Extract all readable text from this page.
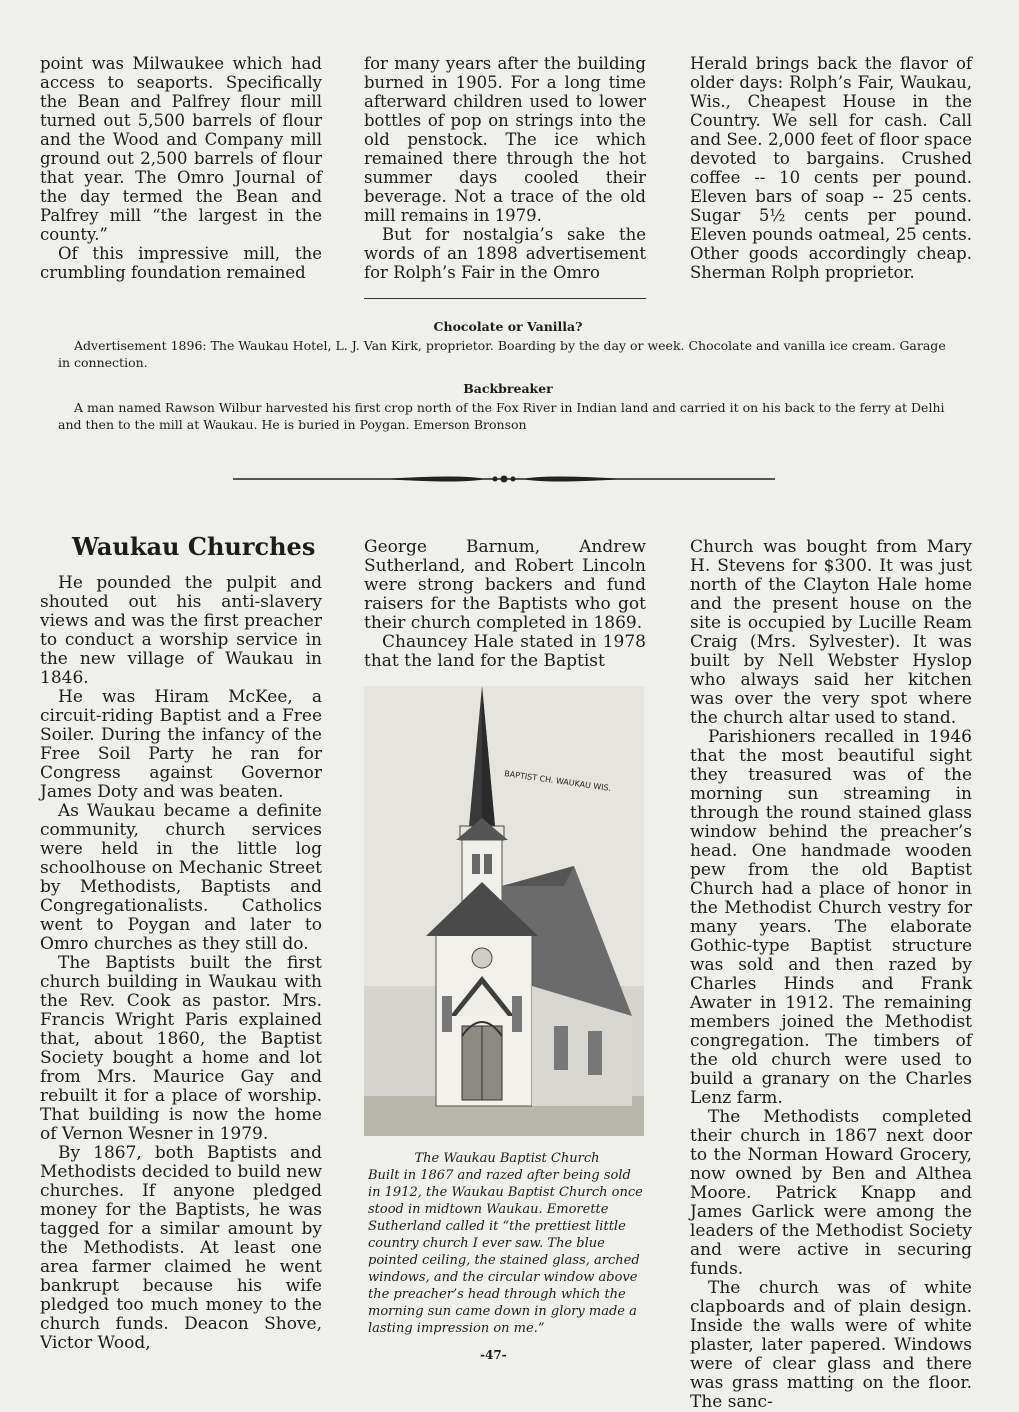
point was Milwaukee which had access to seaports. Specifically the Bean and Palfrey flour mill turned out 5,500 barrels of flour and the Wood and Company mill ground out 2,500 barrels of flour that year. The Omro Journal of the day termed the Bean and Palfrey mill “the largest in the county.”

Of this impressive mill, the crumbling foundation remained

for many years after the building burned in 1905. For a long time afterward children used to lower bottles of pop on strings into the old penstock. The ice which remained there through the hot summer days cooled their beverage. Not a trace of the old mill remains in 1979.

But for nostalgia’s sake the words of an 1898 advertisement for Rolph’s Fair in the Omro

Herald brings back the flavor of older days: Rolph’s Fair, Waukau, Wis., Cheapest House in the Country. We sell for cash. Call and See. 2,000 feet of floor space devoted to bargains. Crushed coffee -- 10 cents per pound. Eleven bars of soap -- 25 cents. Sugar 5½ cents per pound. Eleven pounds oatmeal, 25 cents. Other goods accordingly cheap. Sherman Rolph proprietor.

Chocolate or Vanilla?

Advertisement 1896: The Waukau Hotel, L. J. Van Kirk, proprietor. Boarding by the day or week. Chocolate and vanilla ice cream. Garage in connection.

Backbreaker

A man named Rawson Wilbur harvested his first crop north of the Fox River in Indian land and carried it on his back to the ferry at Delhi and then to the mill at Waukau. He is buried in Poygan. Emerson Bronson

Waukau Churches

He pounded the pulpit and shouted out his anti-slavery views and was the first preacher to conduct a worship service in the new village of Waukau in 1846.

He was Hiram McKee, a circuit-riding Baptist and a Free Soiler. During the infancy of the Free Soil Party he ran for Congress against Governor James Doty and was beaten.

As Waukau became a definite community, church services were held in the little log schoolhouse on Mechanic Street by Methodists, Baptists and Congregationalists. Catholics went to Poygan and later to Omro churches as they still do.

The Baptists built the first church building in Waukau with the Rev. Cook as pastor. Mrs. Francis Wright Paris explained that, about 1860, the Baptist Society bought a home and lot from Mrs. Maurice Gay and rebuilt it for a place of worship. That building is now the home of Vernon Wesner in 1979.

By 1867, both Baptists and Methodists decided to build new churches. If anyone pledged money for the Baptists, he was tagged for a similar amount by the Methodists. At least one area farmer claimed he went bankrupt because his wife pledged too much money to the church funds. Deacon Shove, Victor Wood,

George Barnum, Andrew Sutherland, and Robert Lincoln were strong backers and fund raisers for the Baptists who got their church completed in 1869.

Chauncey Hale stated in 1978 that the land for the Baptist

BAPTIST CH. WAUKAU WIS.
The Waukau Baptist Church
Built in 1867 and razed after being sold in 1912, the Waukau Baptist Church once stood in midtown Waukau. Emorette Sutherland called it “the prettiest little country church I ever saw. The blue pointed ceiling, the stained glass, arched windows, and the circular window above the preacher’s head through which the morning sun came down in glory made a lasting impression on me.”

Church was bought from Mary H. Stevens for $300. It was just north of the Clayton Hale home and the present house on the site is occupied by Lucille Ream Craig (Mrs. Sylvester). It was built by Nell Webster Hyslop who always said her kitchen was over the very spot where the church altar used to stand.

Parishioners recalled in 1946 that the most beautiful sight they treasured was of the morning sun streaming in through the round stained glass window behind the preacher’s head. One handmade wooden pew from the old Baptist Church had a place of honor in the Methodist Church vestry for many years. The elaborate Gothic-type Baptist structure was sold and then razed by Charles Hinds and Frank Awater in 1912. The remaining members joined the Methodist congregation. The timbers of the old church were used to build a granary on the Charles Lenz farm.

The Methodists completed their church in 1867 next door to the Norman Howard Grocery, now owned by Ben and Althea Moore. Patrick Knapp and James Garlick were among the leaders of the Methodist Society and were active in securing funds.

The church was of white clapboards and of plain design. Inside the walls were of white plaster, later papered. Windows were of clear glass and there was grass matting on the floor. The sanc-

-47-
